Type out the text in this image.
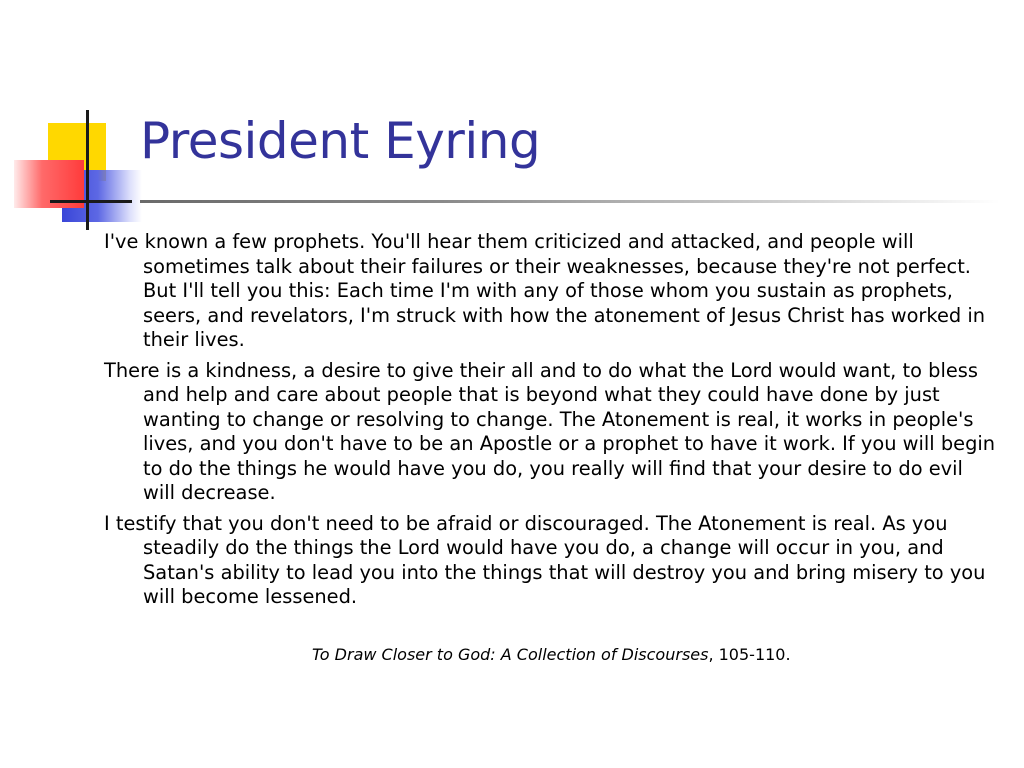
President Eyring

I've known a few prophets. You'll hear them criticized and attacked, and people will sometimes talk about their failures or their weaknesses, because they're not perfect. But I'll tell you this: Each time I'm with any of those whom you sustain as prophets, seers, and revelators, I'm struck with how the atonement of Jesus Christ has worked in their lives.

There is a kindness, a desire to give their all and to do what the Lord would want, to bless and help and care about people that is beyond what they could have done by just wanting to change or resolving to change. The Atonement is real, it works in people's lives, and you don't have to be an Apostle or a prophet to have it work. If you will begin to do the things he would have you do, you really will find that your desire to do evil will decrease.

I testify that you don't need to be afraid or discouraged. The Atonement is real. As you steadily do the things the Lord would have you do, a change will occur in you, and Satan's ability to lead you into the things that will destroy you and bring misery to you will become lessened.

To Draw Closer to God: A Collection of Discourses, 105-110.
